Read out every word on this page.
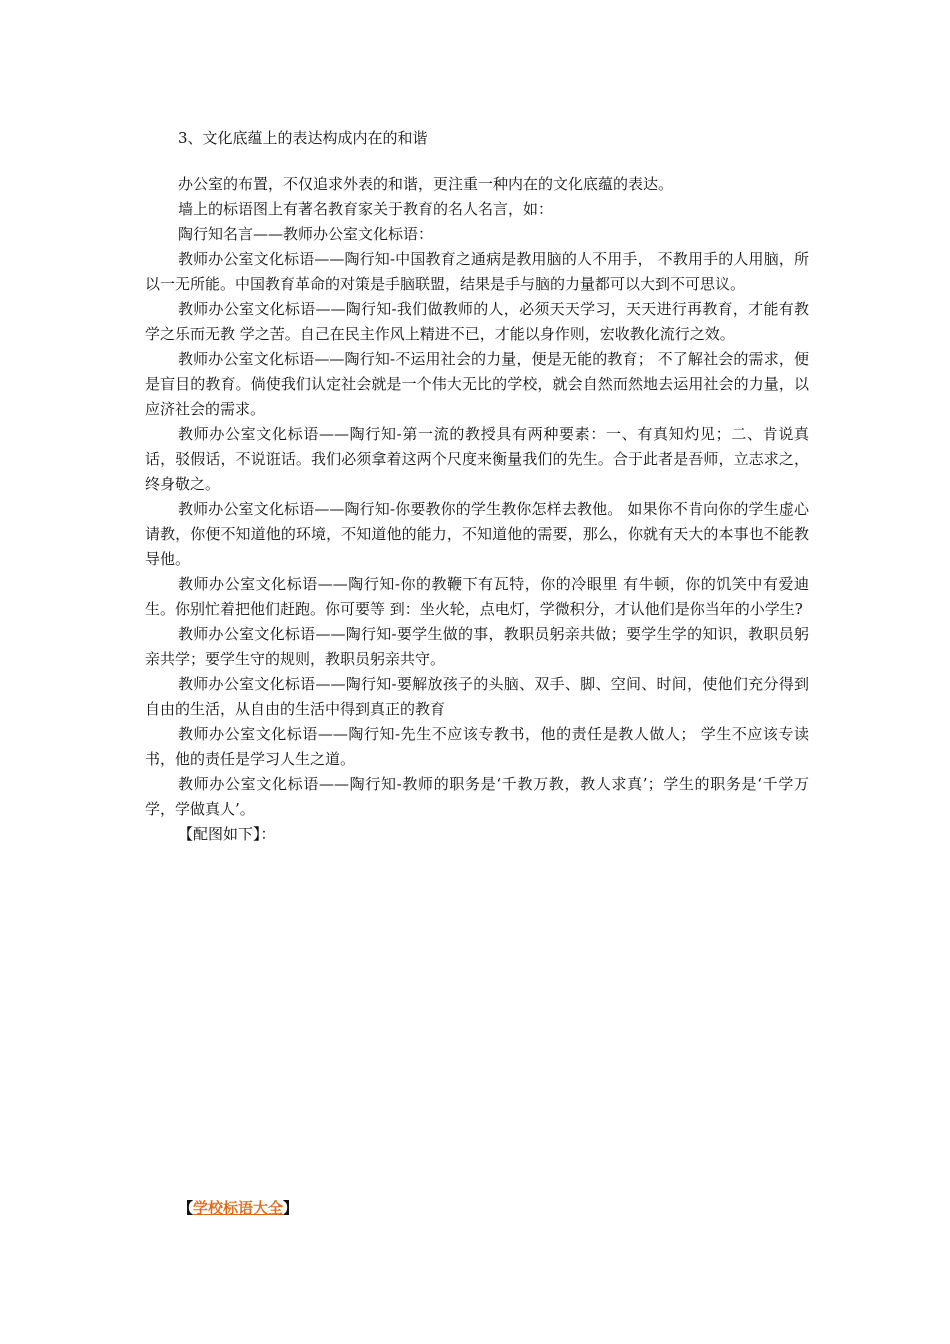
3、文化底蕴上的表达构成内在的和谐

办公室的布置，不仅追求外表的和谐，更注重一种内在的文化底蕴的表达。

墙上的标语图上有著名教育家关于教育的名人名言，如：

陶行知名言——教师办公室文化标语：

教师办公室文化标语——陶行知-中国教育之通病是教用脑的人不用手， 不教用手的人用脑，所以一无所能。中国教育革命的对策是手脑联盟，结果是手与脑的力量都可以大到不可思议。

教师办公室文化标语——陶行知-我们做教师的人，必须天天学习，天天进行再教育，才能有教学之乐而无教 学之苦。自己在民主作风上精进不已，才能以身作则，宏收教化流行之效。

教师办公室文化标语——陶行知-不运用社会的力量，便是无能的教育； 不了解社会的需求，便是盲目的教育。倘使我们认定社会就是一个伟大无比的学校，就会自然而然地去运用社会的力量，以应济社会的需求。

教师办公室文化标语——陶行知-第一流的教授具有两种要素：一、有真知灼见；二、肯说真话，驳假话，不说诳话。我们必须拿着这两个尺度来衡量我们的先生。合于此者是吾师，立志求之，终身敬之。

教师办公室文化标语——陶行知-你要教你的学生教你怎样去教他。 如果你不肯向你的学生虚心请教，你便不知道他的环境，不知道他的能力，不知道他的需要，那么，你就有天大的本事也不能教导他。

教师办公室文化标语——陶行知-你的教鞭下有瓦特，你的冷眼里 有牛顿，你的饥笑中有爱迪生。你别忙着把他们赶跑。你可要等 到：坐火轮，点电灯，学微积分，才认他们是你当年的小学生?

教师办公室文化标语——陶行知-要学生做的事，教职员躬亲共做；要学生学的知识，教职员躬亲共学；要学生守的规则，教职员躬亲共守。

教师办公室文化标语——陶行知-要解放孩子的头脑、双手、脚、空间、时间，使他们充分得到自由的生活，从自由的生活中得到真正的教育

教师办公室文化标语——陶行知-先生不应该专教书，他的责任是教人做人； 学生不应该专读书，他的责任是学习人生之道。

教师办公室文化标语——陶行知-教师的职务是‘千教万教，教人求真’；学生的职务是‘千学万学，学做真人’。

【配图如下】：

【学校标语大全】
